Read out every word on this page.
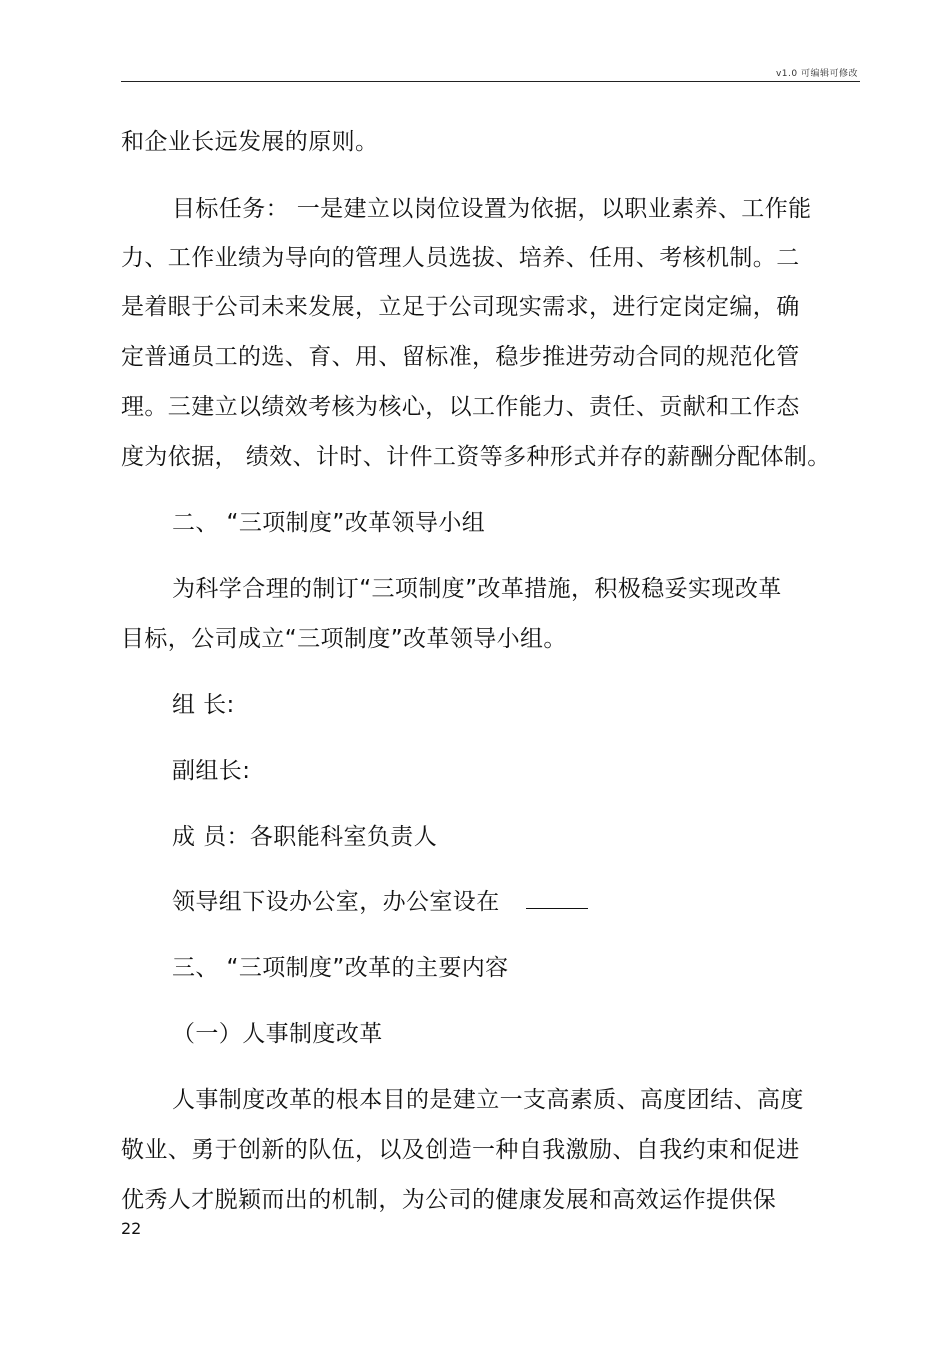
v1.0 可编辑可修改
和企业长远发展的原则。
目标任务： 一是建立以岗位设置为依据，以职业素养、工作能
力、工作业绩为导向的管理人员选拔、培养、任用、考核机制。二
是着眼于公司未来发展，立足于公司现实需求，进行定岗定编，确
定普通员工的选、育、用、留标准，稳步推进劳动合同的规范化管
理。三建立以绩效考核为核心，以工作能力、责任、贡献和工作态
度为依据， 绩效、计时、计件工资等多种形式并存的薪酬分配体制。
二、 “三项制度”改革领导小组
为科学合理的制订“三项制度”改革措施，积极稳妥实现改革
目标，公司成立“三项制度”改革领导小组。
组 长:
副组长:
成 员：各职能科室负责人
领导组下设办公室，办公室设在
三、 “三项制度”改革的主要内容
（一）人事制度改革
人事制度改革的根本目的是建立一支高素质、高度团结、高度
敬业、勇于创新的队伍，以及创造一种自我激励、自我约束和促进
优秀人才脱颖而出的机制，为公司的健康发展和高效运作提供保
22
